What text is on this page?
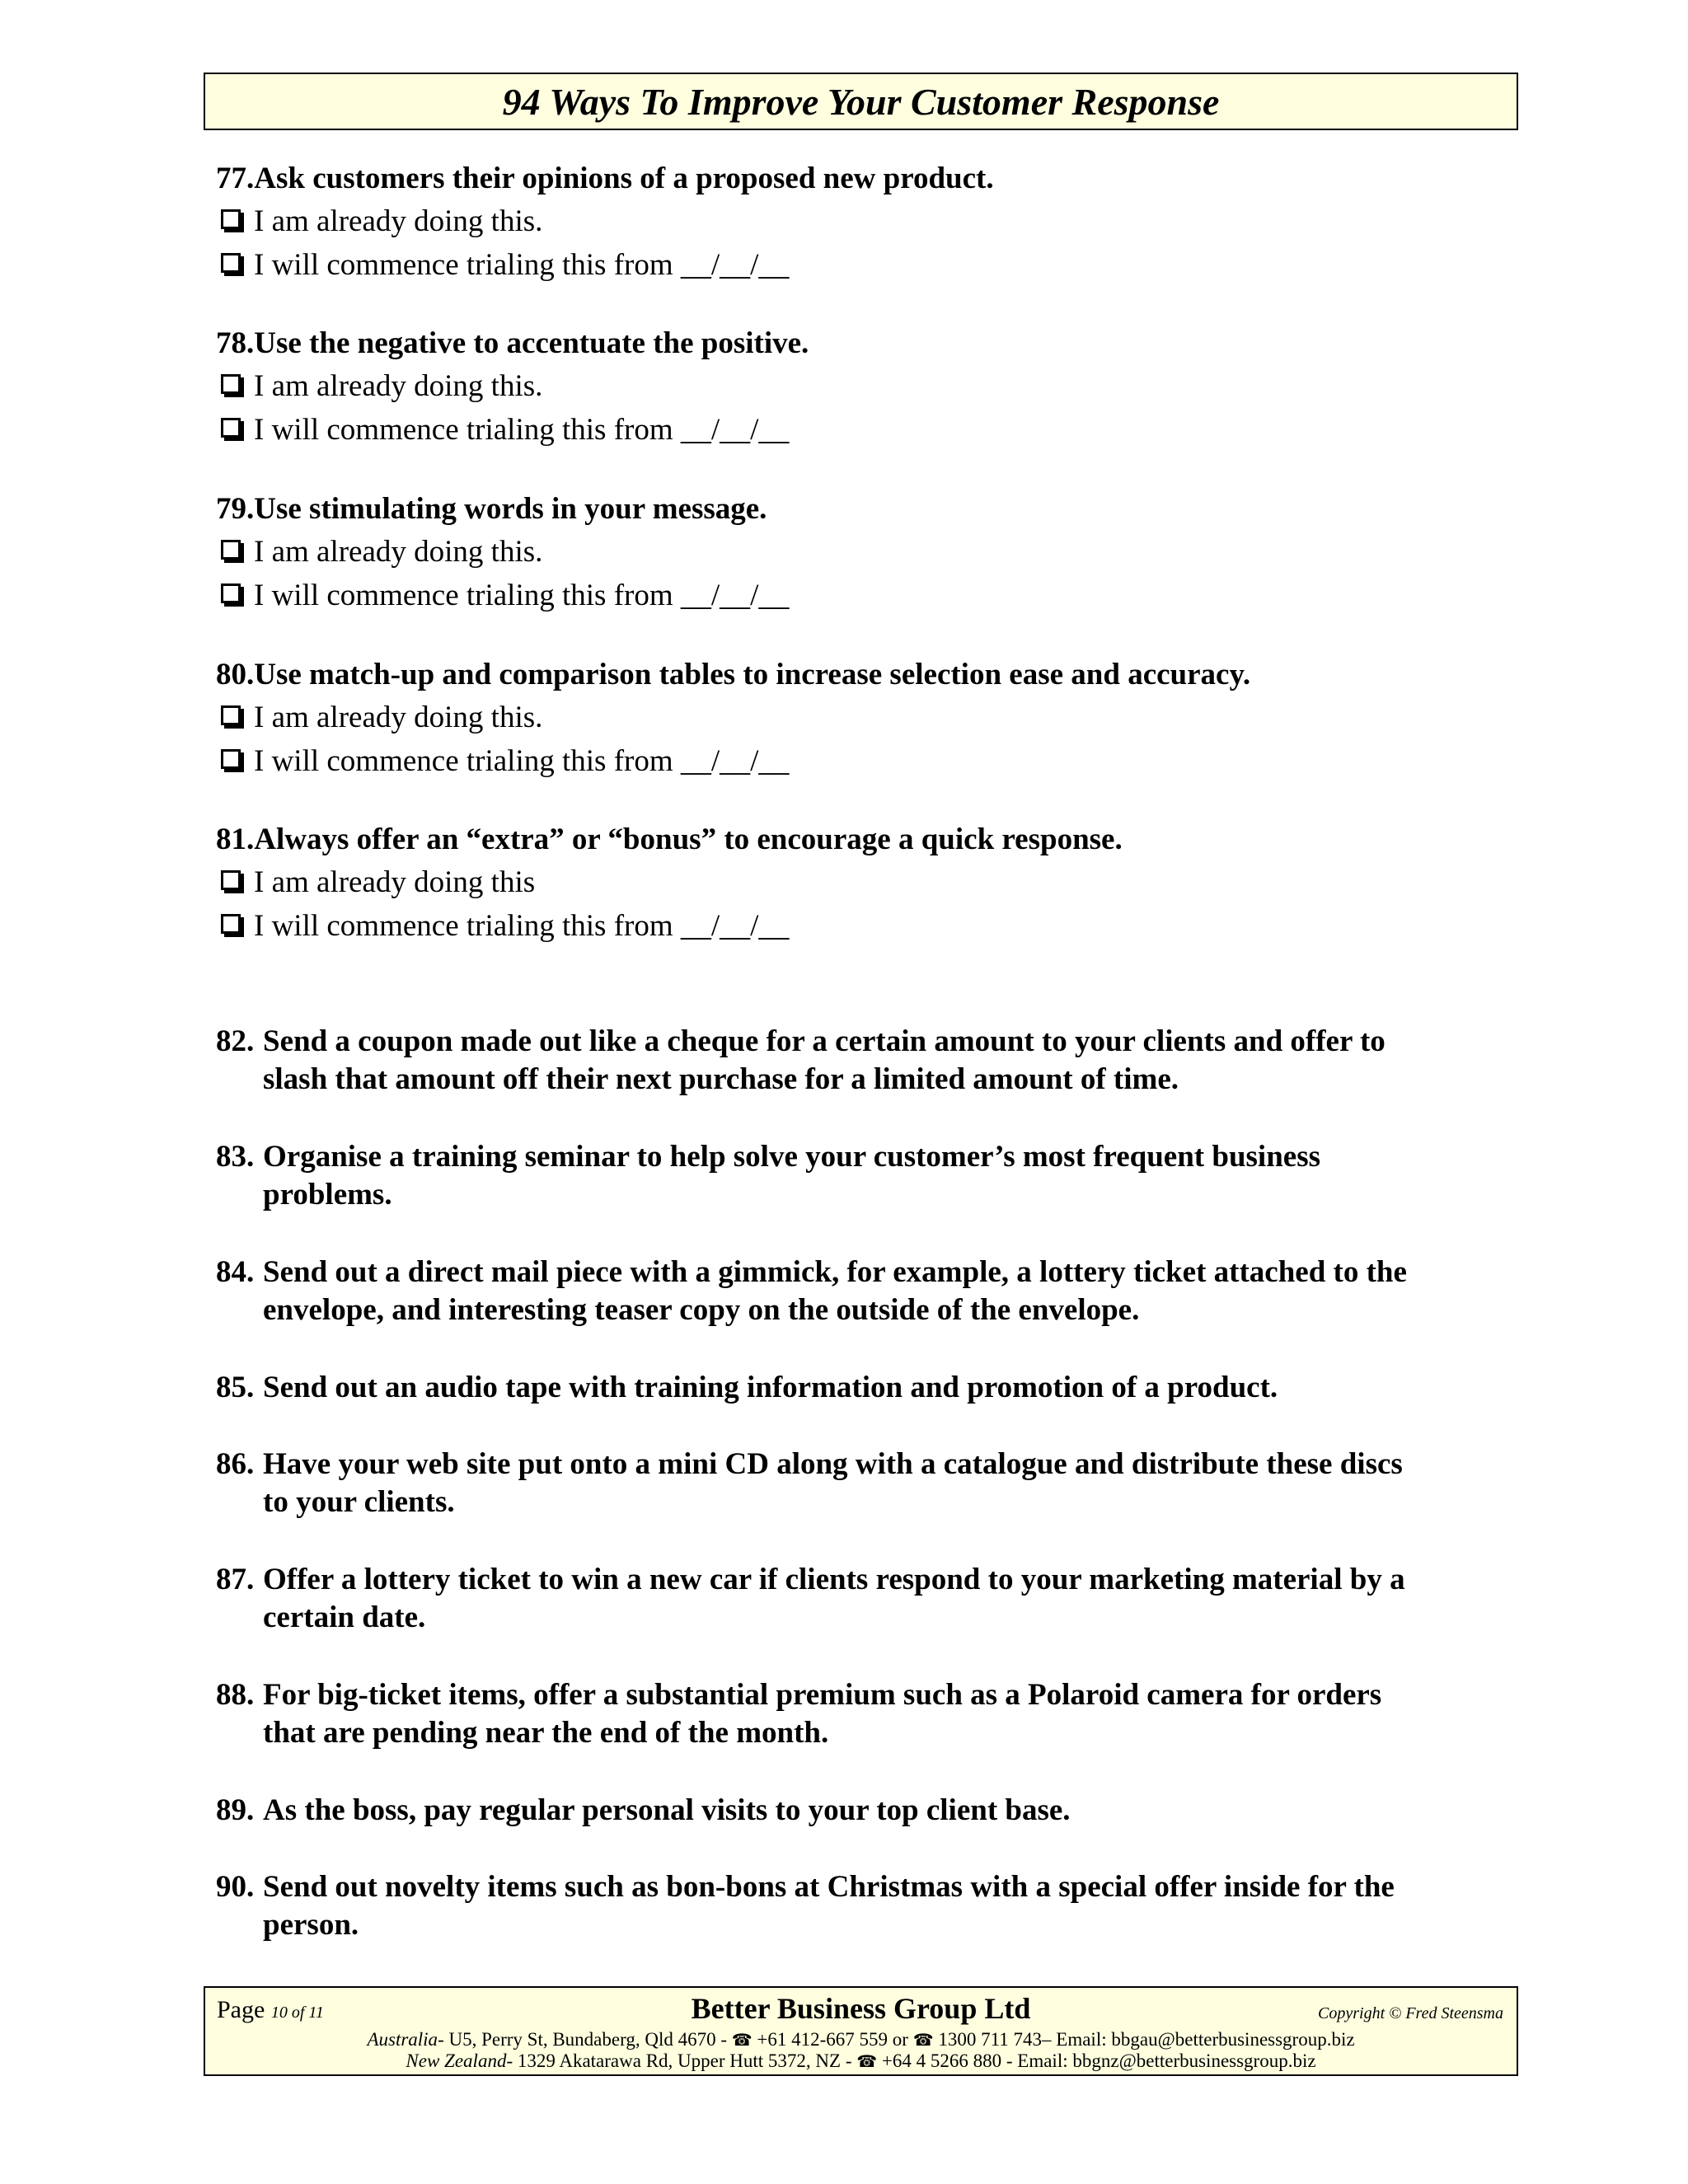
94 Ways To Improve Your Customer Response
77.Ask customers their opinions of a proposed new product.
I am already doing this.
I will commence trialing this from __/__/__
78.Use the negative to accentuate the positive.
I am already doing this.
I will commence trialing this from __/__/__
79.Use stimulating words in your message.
I am already doing this.
I will commence trialing this from __/__/__
80.Use match-up and comparison tables to increase selection ease and accuracy.
I am already doing this.
I will commence trialing this from __/__/__
81.Always offer an “extra” or “bonus” to encourage a quick response.
I am already doing this
I will commence trialing this from __/__/__
82. Send a coupon made out like a cheque for a certain amount to your clients and offer to
slash that amount off their next purchase for a limited amount of time.
83. Organise a training seminar to help solve your customer’s most frequent business
problems.
84. Send out a direct mail piece with a gimmick, for example, a lottery ticket attached to the
envelope, and interesting teaser copy on the outside of the envelope.
85. Send out an audio tape with training information and promotion of a product.
86. Have your web site put onto a mini CD along with a catalogue and distribute these discs
to your clients.
87. Offer a lottery ticket to win a new car if clients respond to your marketing material by a
certain date.
88. For big-ticket items, offer a substantial premium such as a Polaroid camera for orders
that are pending near the end of the month.
89. As the boss, pay regular personal visits to your top client base.
90. Send out novelty items such as bon-bons at Christmas with a special offer inside for the
person.
Page 10 of 11	Better Business Group Ltd	Copyright © Fred Steensma
Australia- U5, Perry St, Bundaberg, Qld 4670 - ☎ +61 412-667 559 or ☎ 1300 711 743– Email: bbgau@betterbusinessgroup.biz
New Zealand- 1329 Akatarawa Rd, Upper Hutt 5372, NZ - ☎ +64 4 5266 880 - Email: bbgnz@betterbusinessgroup.biz
